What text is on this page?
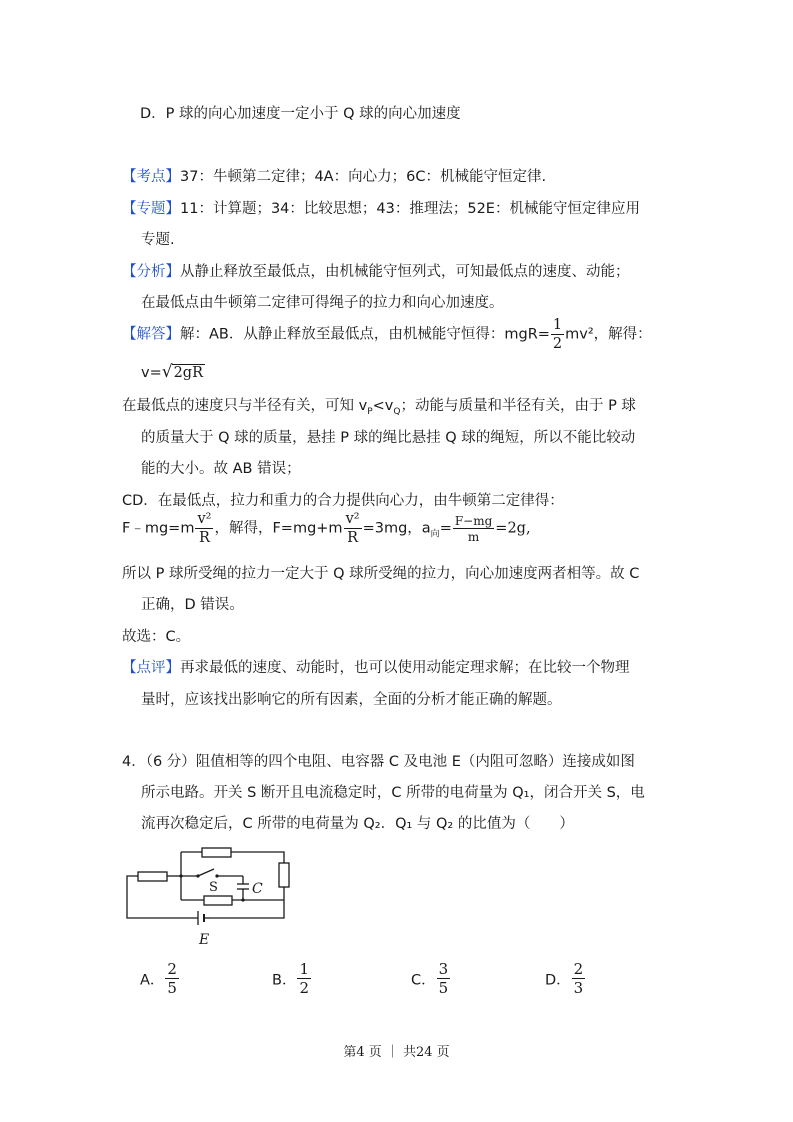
D．P 球的向心加速度一定小于 Q 球的向心加速度
【考点】37：牛顿第二定律；4A：向心力；6C：机械能守恒定律.
【专题】11：计算题；34：比较思想；43：推理法；52E：机械能守恒定律应用
专题.
【分析】从静止释放至最低点，由机械能守恒列式，可知最低点的速度、动能；
在最低点由牛顿第二定律可得绳子的拉力和向心加速度。
【解答】解：AB．从静止释放至最低点，由机械能守恒得：$mgR= \frac{1}{2} mv^2$，解得：
v=√2gR
在最低点的速度只与半径有关，可知 $v_P<v_Q$；动能与质量和半径有关，由于 P 球
的质量大于 Q 球的质量，悬挂 P 球的绳比悬挂 Q 球的绳短，所以不能比较动
能的大小。故 AB 错误；
CD．在最低点，拉力和重力的合力提供向心力，由牛顿第二定律得：
F﹣mg=m $\frac{\text{v²}}{R}$ ，解得，$F=mg+m \frac{\text{v²}}{R} =3mg$，$a_向= \frac{F-mg}{m} =2g$,
所以 P 球所受绳的拉力一定大于 Q 球所受绳的拉力，向心加速度两者相等。故 C
正确，D 错误。
故选：C。
【点评】再求最低的速度、动能时，也可以使用动能定理求解；在比较一个物理
量时，应该找出影响它的所有因素，全面的分析才能正确的解题。
4．（6 分）阻值相等的四个电阻、电容器 C 及电池 E（内阻可忽略）连接成如图
所示电路。开关 S 断开且电流稳定时，C 所带的电荷量为 Q₁，闭合开关 S，电
流再次稳定后，C 所带的电荷量为 Q₂．Q₁ 与 Q₂ 的比值为（　　）
S C
E
A． $\frac{2}{5}$	B． $\frac{1}{2}$	C． $\frac{3}{5}$	D． $\frac{2}{3}$
第4 页 ｜ 共24 页
